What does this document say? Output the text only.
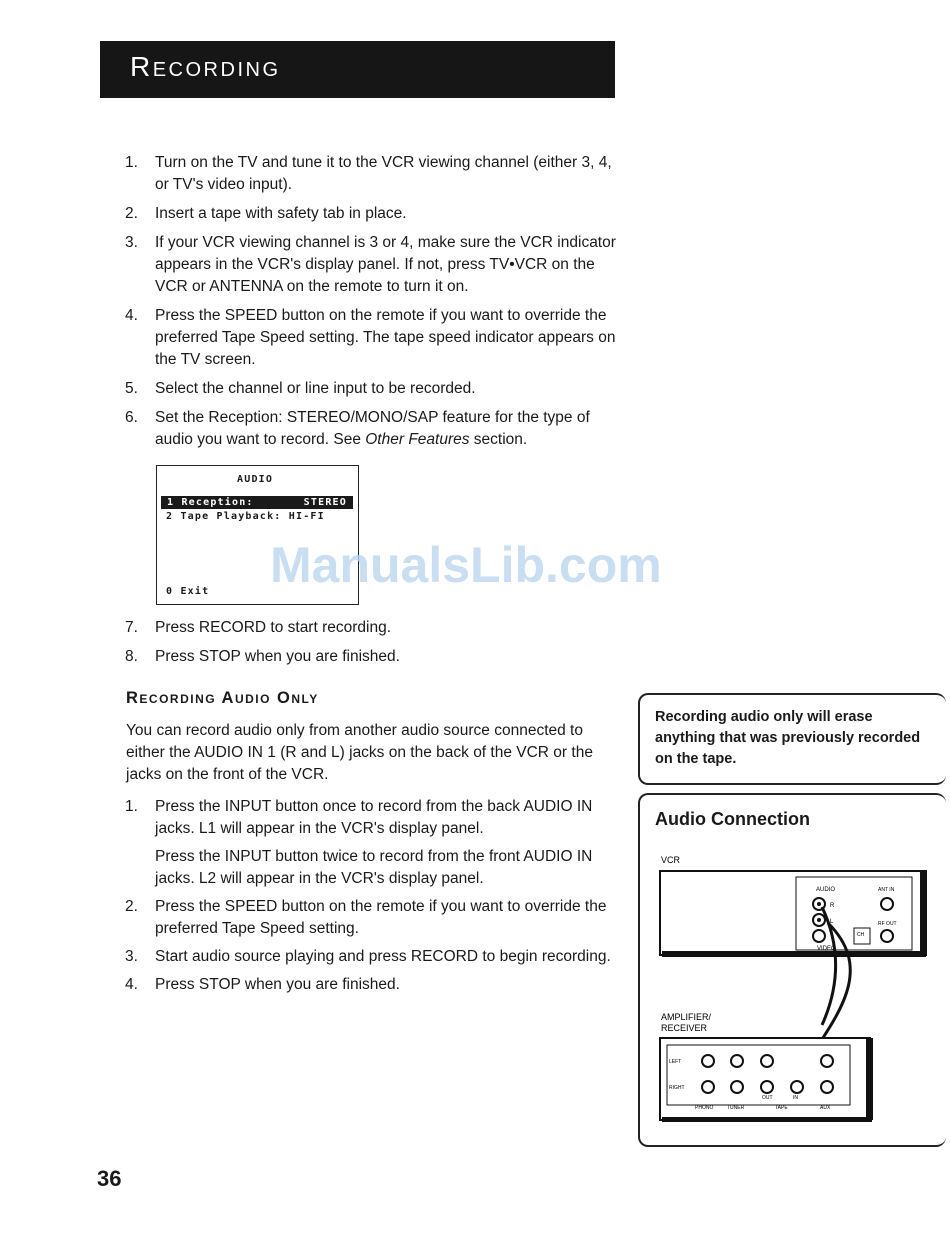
Recording
1.	Turn on the TV and tune it to the VCR viewing channel (either 3, 4, or TV's video input).
2.	Insert a tape with safety tab in place.
3.	If your VCR viewing channel is 3 or 4, make sure the VCR indicator appears in the VCR's display panel. If not, press TV•VCR on the VCR or ANTENNA on the remote to turn it on.
4.	Press the SPEED button on the remote if you want to override the preferred Tape Speed setting. The tape speed indicator appears on the TV screen.
5.	Select the channel or line input to be recorded.
6.	Set the Reception: STEREO/MONO/SAP feature for the type of audio you want to record. See Other Features section.
AUDIO
1 Reception:	STEREO
2 Tape Playback: HI-FI
0 Exit ManualsLib.com
7.	Press RECORD to start recording.
8.	Press STOP when you are finished.
Recording Audio Only
You can record audio only from another audio source connected to either the AUDIO IN 1 (R and L) jacks on the back of the VCR or the jacks on the front of the VCR.
1.	Press the INPUT button once to record from the back AUDIO IN jacks. L1 will appear in the VCR's display panel.
Press the INPUT button twice to record from the front AUDIO IN jacks. L2 will appear in the VCR's display panel.
2.	Press the SPEED button on the remote if you want to override the preferred Tape Speed setting.
3.	Start audio source playing and press RECORD to begin recording.
4.	Press STOP when you are finished.
Recording audio only will erase anything that was previously recorded on the tape.
Audio Connection
VCR
AUDIO	ANT IN
R
L	RF OUT
CH
VIDEO
AMPLIFIER/
RECEIVER
LEFT
RIGHT
OUT	IN
PHONO	TUNER	TAPE	AUX
36
